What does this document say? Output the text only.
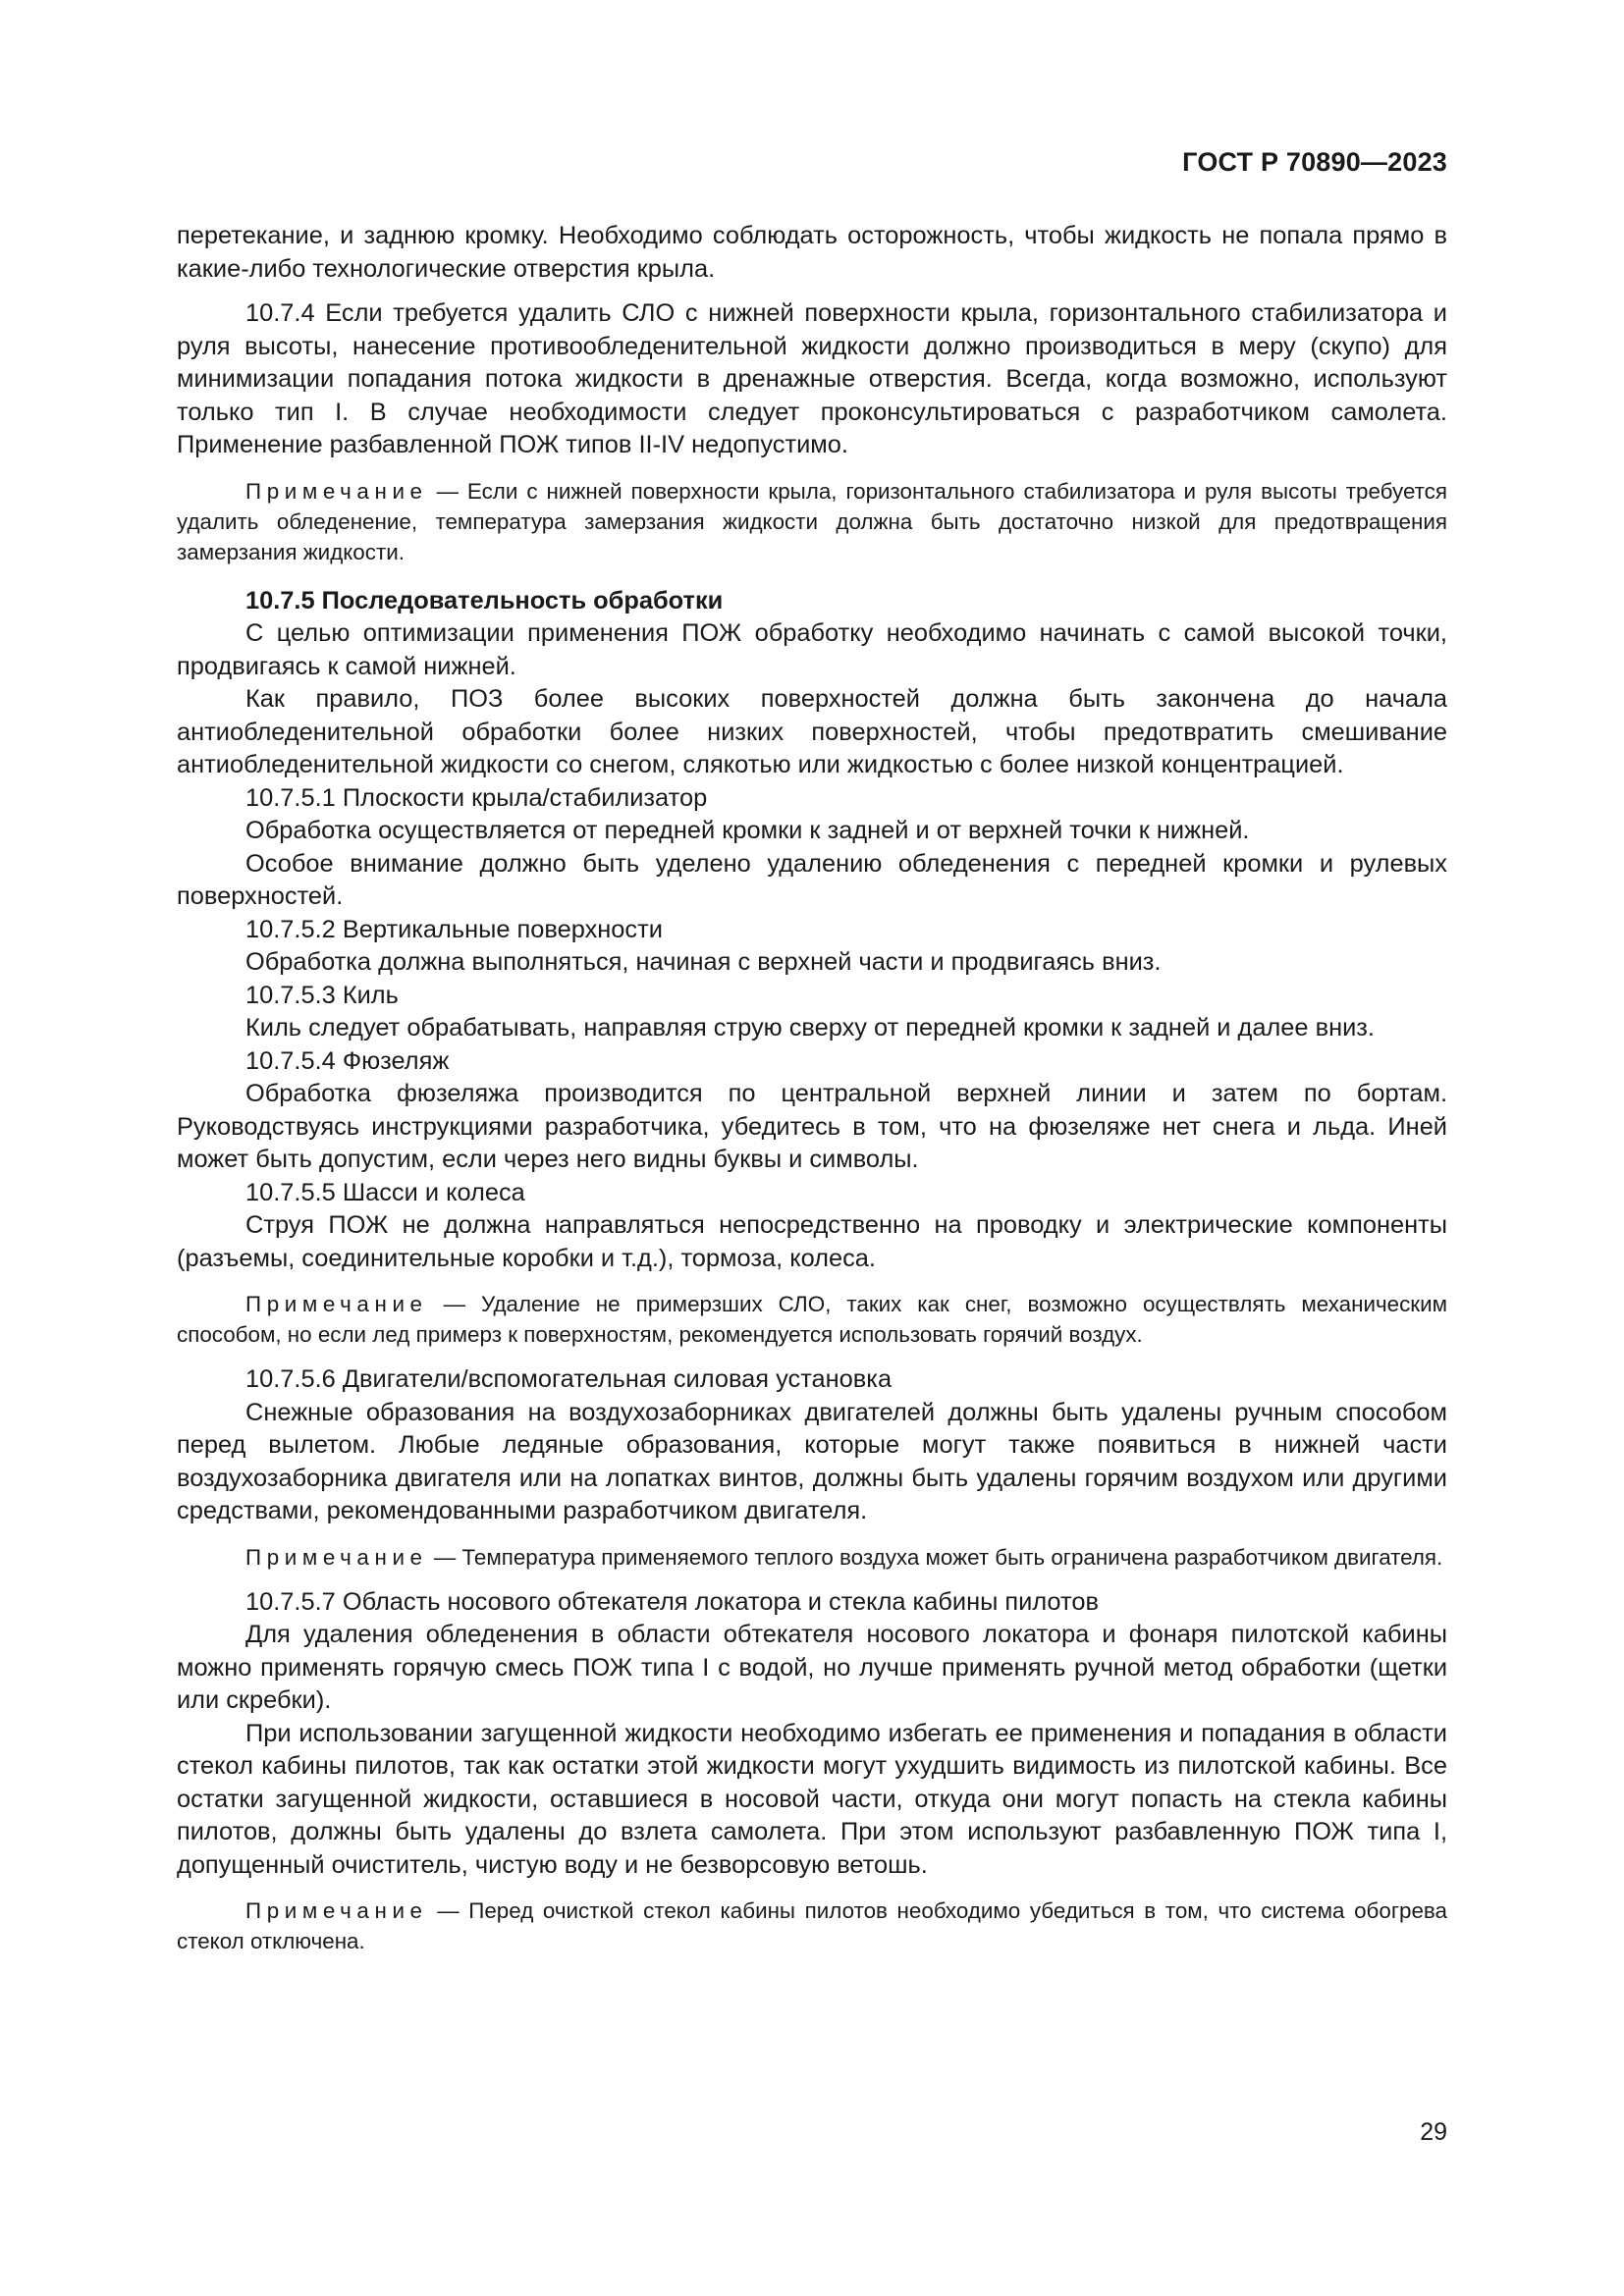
ГОСТ Р 70890—2023

перетекание, и заднюю кромку. Необходимо соблюдать осторожность, чтобы жидкость не попала прямо в какие-либо технологические отверстия крыла.

10.7.4 Если требуется удалить СЛО с нижней поверхности крыла, горизонтального стабилизатора и руля высоты, нанесение противообледенительной жидкости должно производиться в меру (скупо) для минимизации попадания потока жидкости в дренажные отверстия. Всегда, когда возможно, используют только тип I. В случае необходимости следует проконсультироваться с разработчиком самолета. Применение разбавленной ПОЖ типов II-IV недопустимо.

Примечание — Если с нижней поверхности крыла, горизонтального стабилизатора и руля высоты требуется удалить обледенение, температура замерзания жидкости должна быть достаточно низкой для предотвращения замерзания жидкости.

10.7.5 Последовательность обработки

С целью оптимизации применения ПОЖ обработку необходимо начинать с самой высокой точки, продвигаясь к самой нижней.

Как правило, ПОЗ более высоких поверхностей должна быть закончена до начала антиобледенительной обработки более низких поверхностей, чтобы предотвратить смешивание антиобледенительной жидкости со снегом, слякотью или жидкостью с более низкой концентрацией.

10.7.5.1 Плоскости крыла/стабилизатор

Обработка осуществляется от передней кромки к задней и от верхней точки к нижней.

Особое внимание должно быть уделено удалению обледенения с передней кромки и рулевых поверхностей.

10.7.5.2 Вертикальные поверхности

Обработка должна выполняться, начиная с верхней части и продвигаясь вниз.

10.7.5.3 Киль

Киль следует обрабатывать, направляя струю сверху от передней кромки к задней и далее вниз.

10.7.5.4 Фюзеляж

Обработка фюзеляжа производится по центральной верхней линии и затем по бортам. Руководствуясь инструкциями разработчика, убедитесь в том, что на фюзеляже нет снега и льда. Иней может быть допустим, если через него видны буквы и символы.

10.7.5.5 Шасси и колеса

Струя ПОЖ не должна направляться непосредственно на проводку и электрические компоненты (разъемы, соединительные коробки и т.д.), тормоза, колеса.

Примечание — Удаление не примерзших СЛО, таких как снег, возможно осуществлять механическим способом, но если лед примерз к поверхностям, рекомендуется использовать горячий воздух.

10.7.5.6 Двигатели/вспомогательная силовая установка

Снежные образования на воздухозаборниках двигателей должны быть удалены ручным способом перед вылетом. Любые ледяные образования, которые могут также появиться в нижней части воздухозаборника двигателя или на лопатках винтов, должны быть удалены горячим воздухом или другими средствами, рекомендованными разработчиком двигателя.

Примечание — Температура применяемого теплого воздуха может быть ограничена разработчиком двигателя.

10.7.5.7 Область носового обтекателя локатора и стекла кабины пилотов

Для удаления обледенения в области обтекателя носового локатора и фонаря пилотской кабины можно применять горячую смесь ПОЖ типа I с водой, но лучше применять ручной метод обработки (щетки или скребки).

При использовании загущенной жидкости необходимо избегать ее применения и попадания в области стекол кабины пилотов, так как остатки этой жидкости могут ухудшить видимость из пилотской кабины. Все остатки загущенной жидкости, оставшиеся в носовой части, откуда они могут попасть на стекла кабины пилотов, должны быть удалены до взлета самолета. При этом используют разбавленную ПОЖ типа I, допущенный очиститель, чистую воду и не безворсовую ветошь.

Примечание — Перед очисткой стекол кабины пилотов необходимо убедиться в том, что система обогрева стекол отключена.
29
